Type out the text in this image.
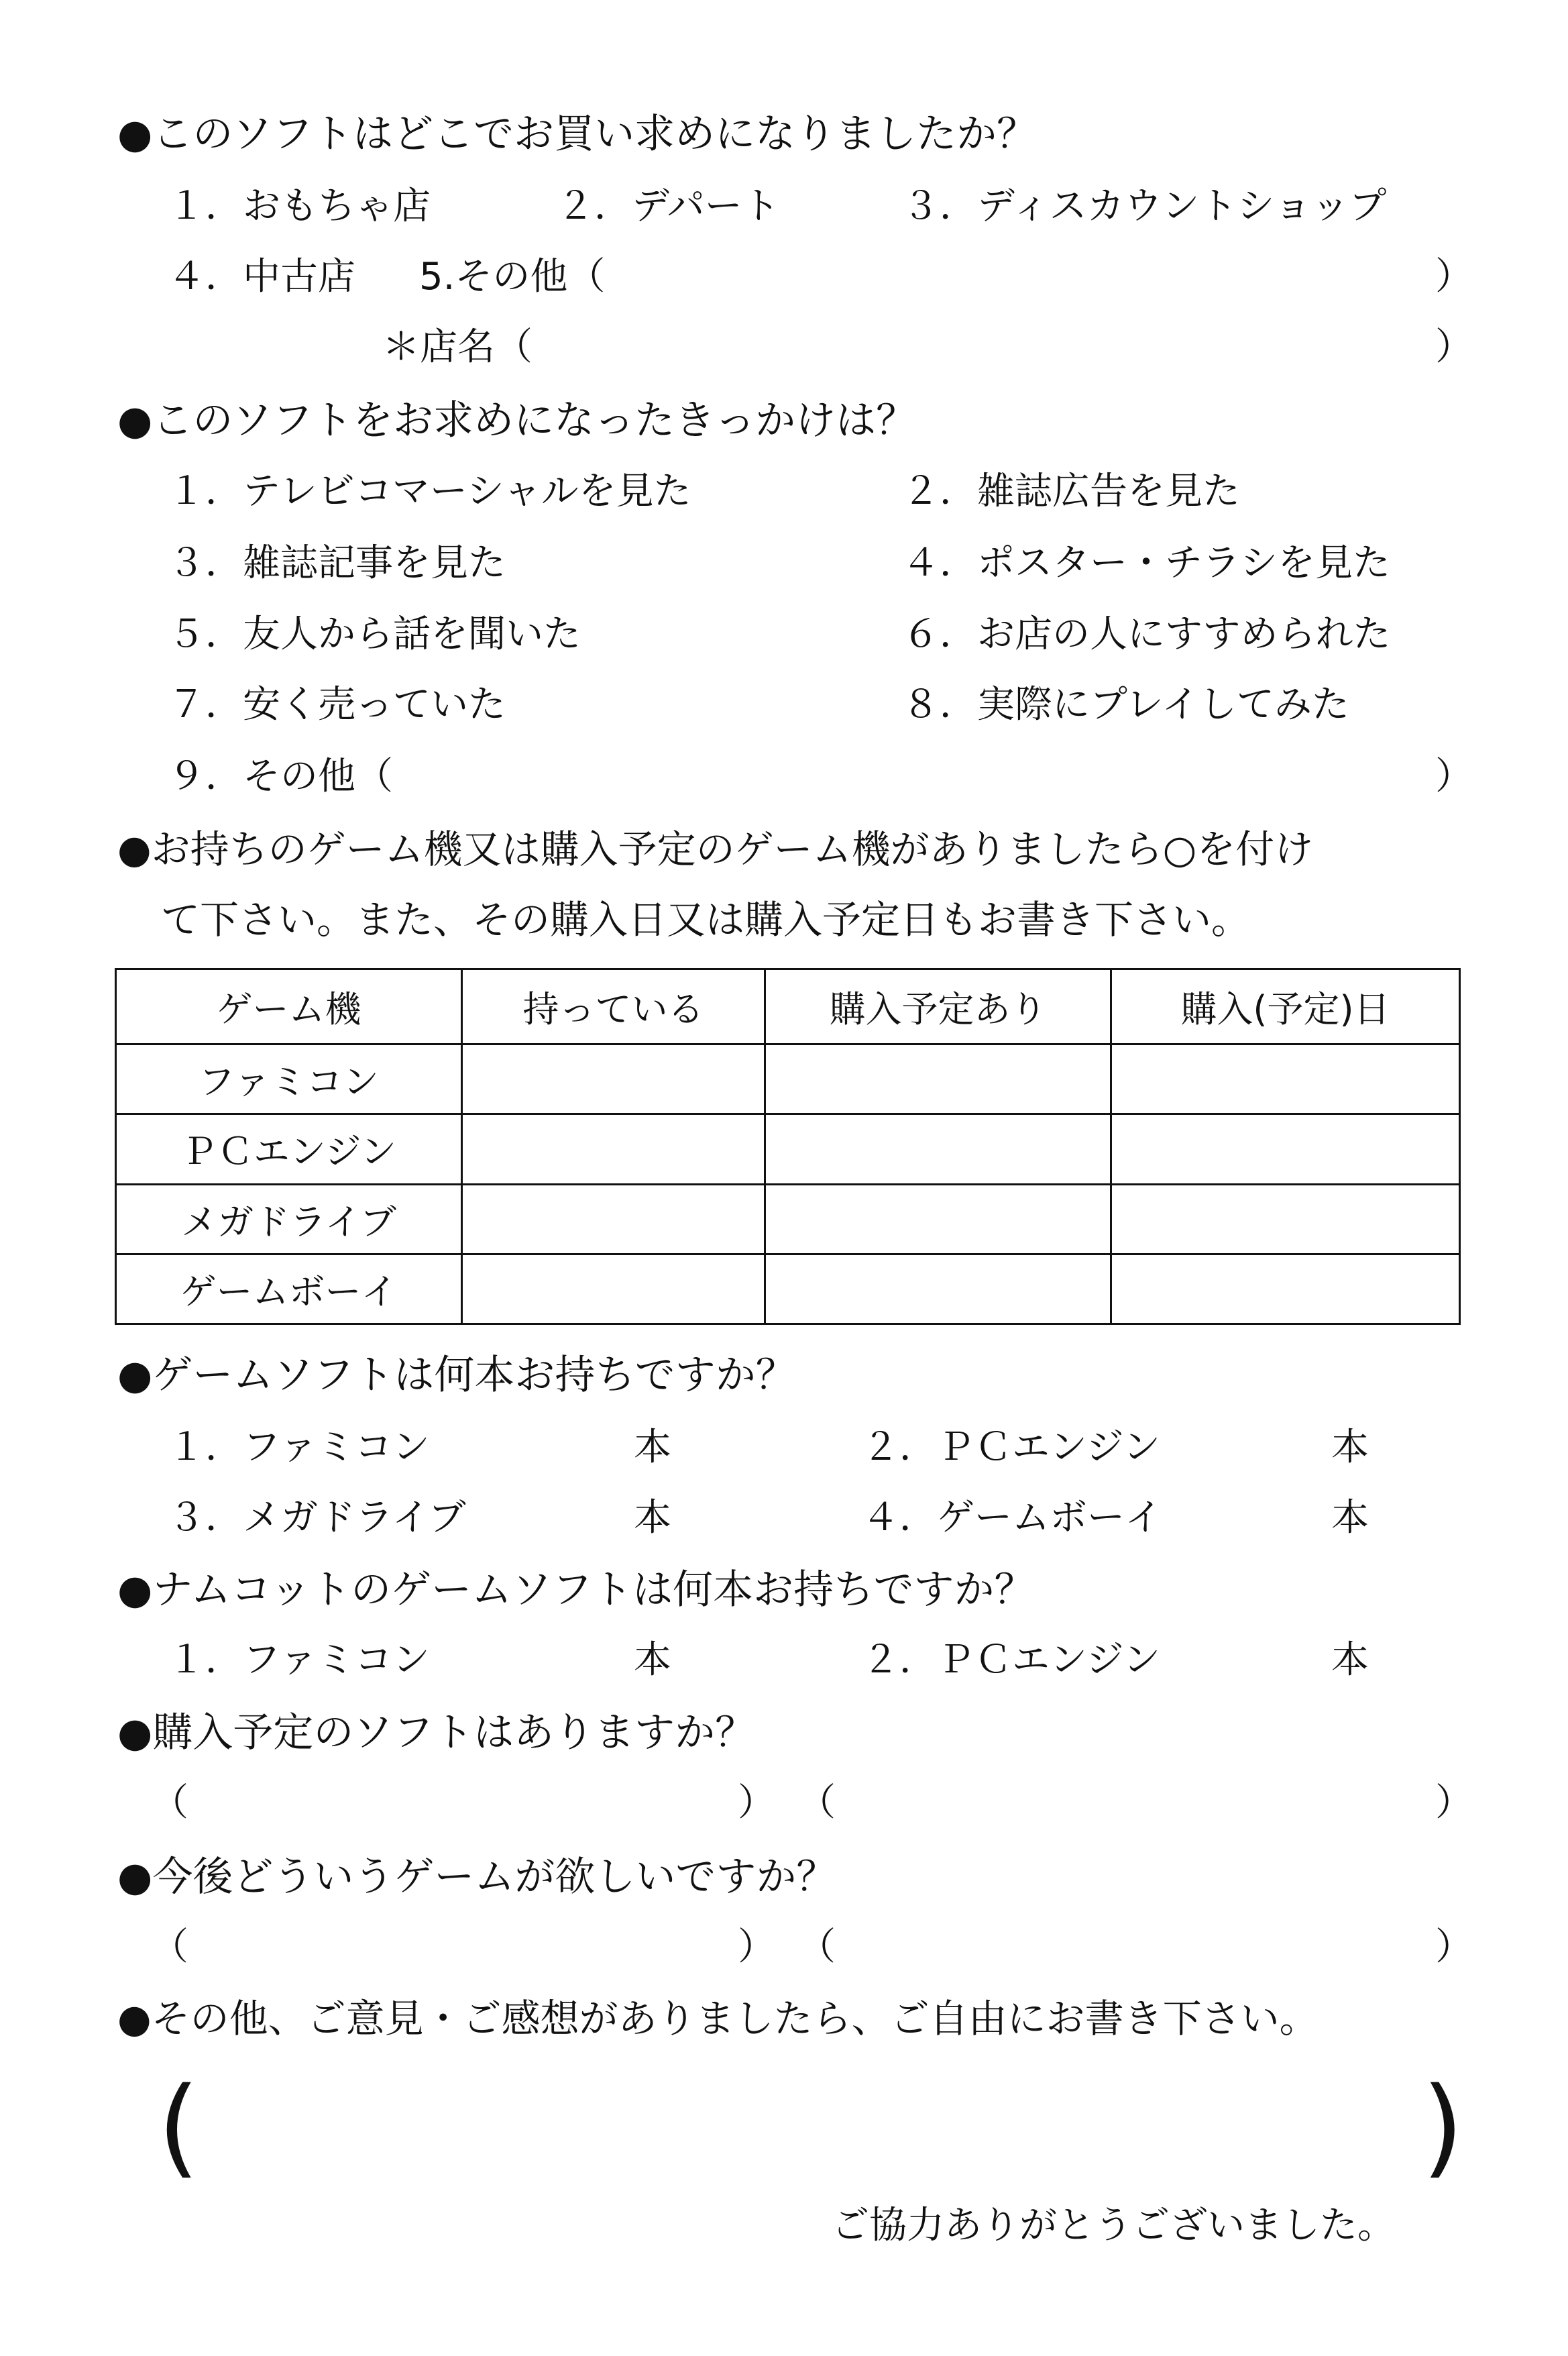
●このソフトはどこでお買い求めになりましたか？
１．おもちゃ店	２．デパート	３．ディスカウントショップ
４．中古店 5.その他（	）
＊店名（	）
●このソフトをお求めになったきっかけは？
１．テレビコマーシャルを見た	２．雑誌広告を見た
３．雑誌記事を見た	４．ポスター・チラシを見た
５．友人から話を聞いた	６．お店の人にすすめられた
７．安く売っていた	８．実際にプレイしてみた
９．その他（	）
●お持ちのゲーム機又は購入予定のゲーム機がありましたら○を付け
て下さい。また、その購入日又は購入予定日もお書き下さい。
ゲーム機	持っている	購入予定あり	購入(予定)日
ファミコン			
ＰＣエンジン			
メガドライブ			
ゲームボーイ			
●ゲームソフトは何本お持ちですか？
１．ファミコン	本	２．ＰＣエンジン	本
３．メガドライブ	本	４．ゲームボーイ	本
●ナムコットのゲームソフトは何本お持ちですか？
１．ファミコン	本	２．ＰＣエンジン	本
●購入予定のソフトはありますか？
（	） （	）
●今後どういうゲームが欲しいですか？
（	） （	）
●その他、ご意見・ご感想がありましたら、ご自由にお書き下さい。
(	)
ご協力ありがとうございました。
